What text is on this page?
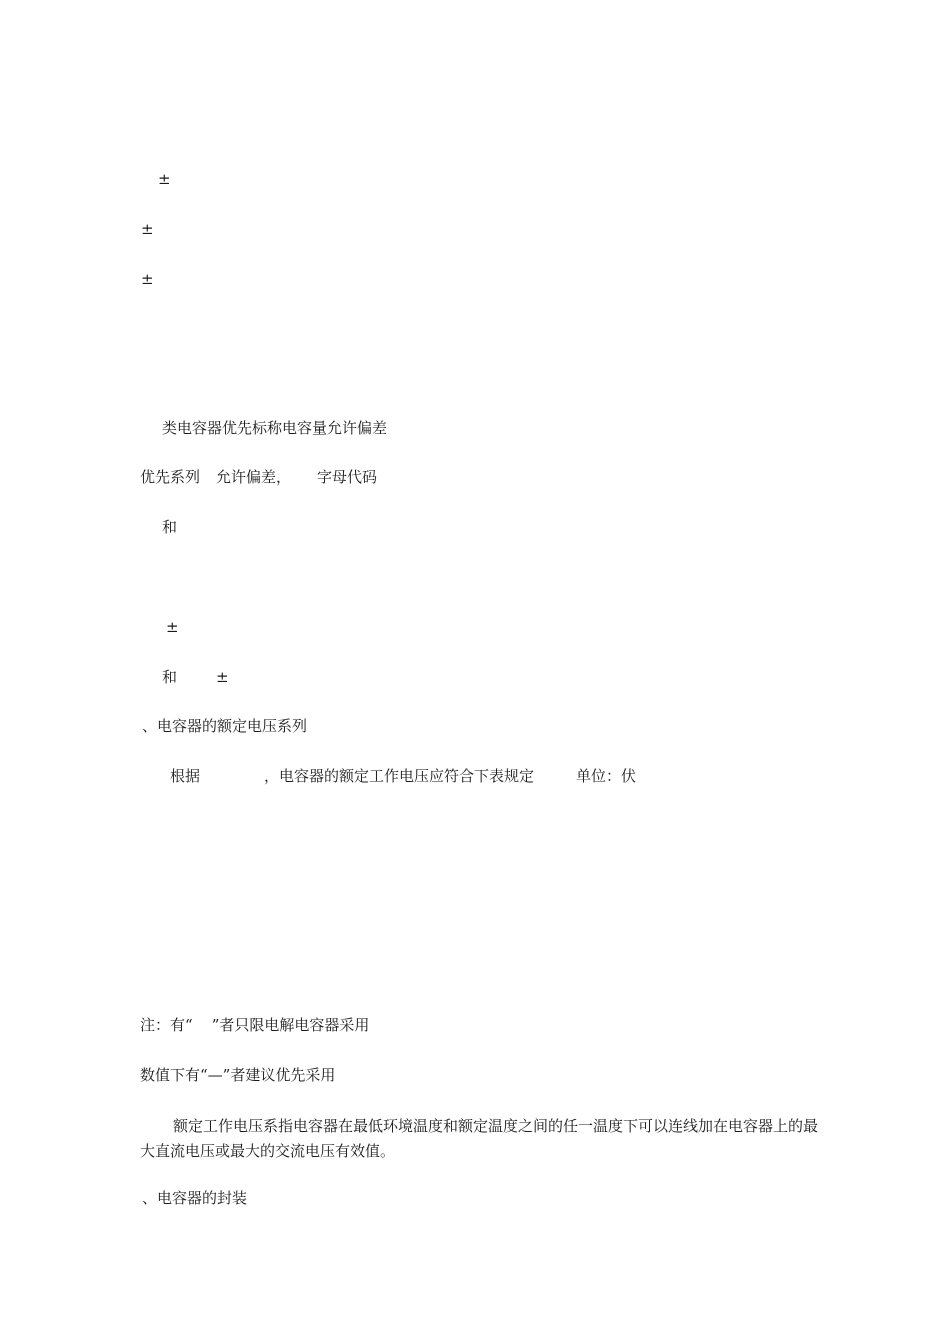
±
±
±
类电容器优先标称电容量允许偏差
优先系列 允许偏差， 字母代码
和
±
和	±
、电容器的额定电压系列
根据	，电容器的额定工作电压应符合下表规定	单位：伏
注：有“    ”者只限电解电容器采用
数值下有“—”者建议优先采用

额定工作电压系指电容器在最低环境温度和额定温度之间的任一温度下可以连线加在电容器上的最大直流电压或最大的交流电压有效值。

、电容器的封装
